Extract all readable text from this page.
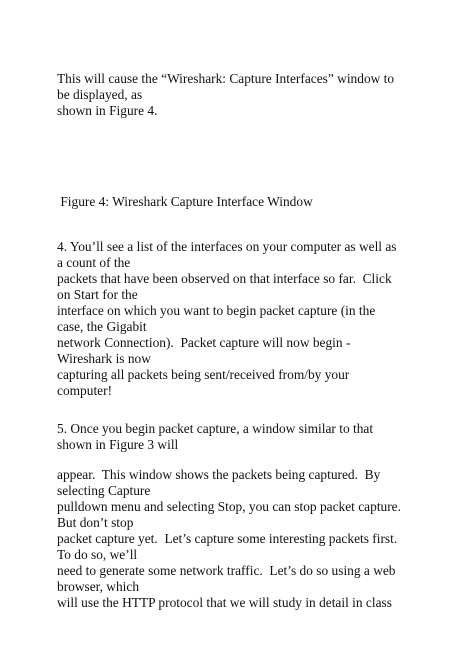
This will cause the “Wireshark: Capture Interfaces” window to
be displayed, as
shown in Figure 4.
Figure 4: Wireshark Capture Interface Window
4. You’ll see a list of the interfaces on your computer as well as
a count of the
packets that have been observed on that interface so far.  Click
on Start for the
interface on which you want to begin packet capture (in the
case, the Gigabit
network Connection).  Packet capture will now begin -
Wireshark is now
capturing all packets being sent/received from/by your
computer!
5. Once you begin packet capture, a window similar to that
shown in Figure 3 will
appear.  This window shows the packets being captured.  By
selecting Capture
pulldown menu and selecting Stop, you can stop packet capture.
But don’t stop
packet capture yet.  Let’s capture some interesting packets first.
To do so, we’ll
need to generate some network traffic.  Let’s do so using a web
browser, which
will use the HTTP protocol that we will study in detail in class
